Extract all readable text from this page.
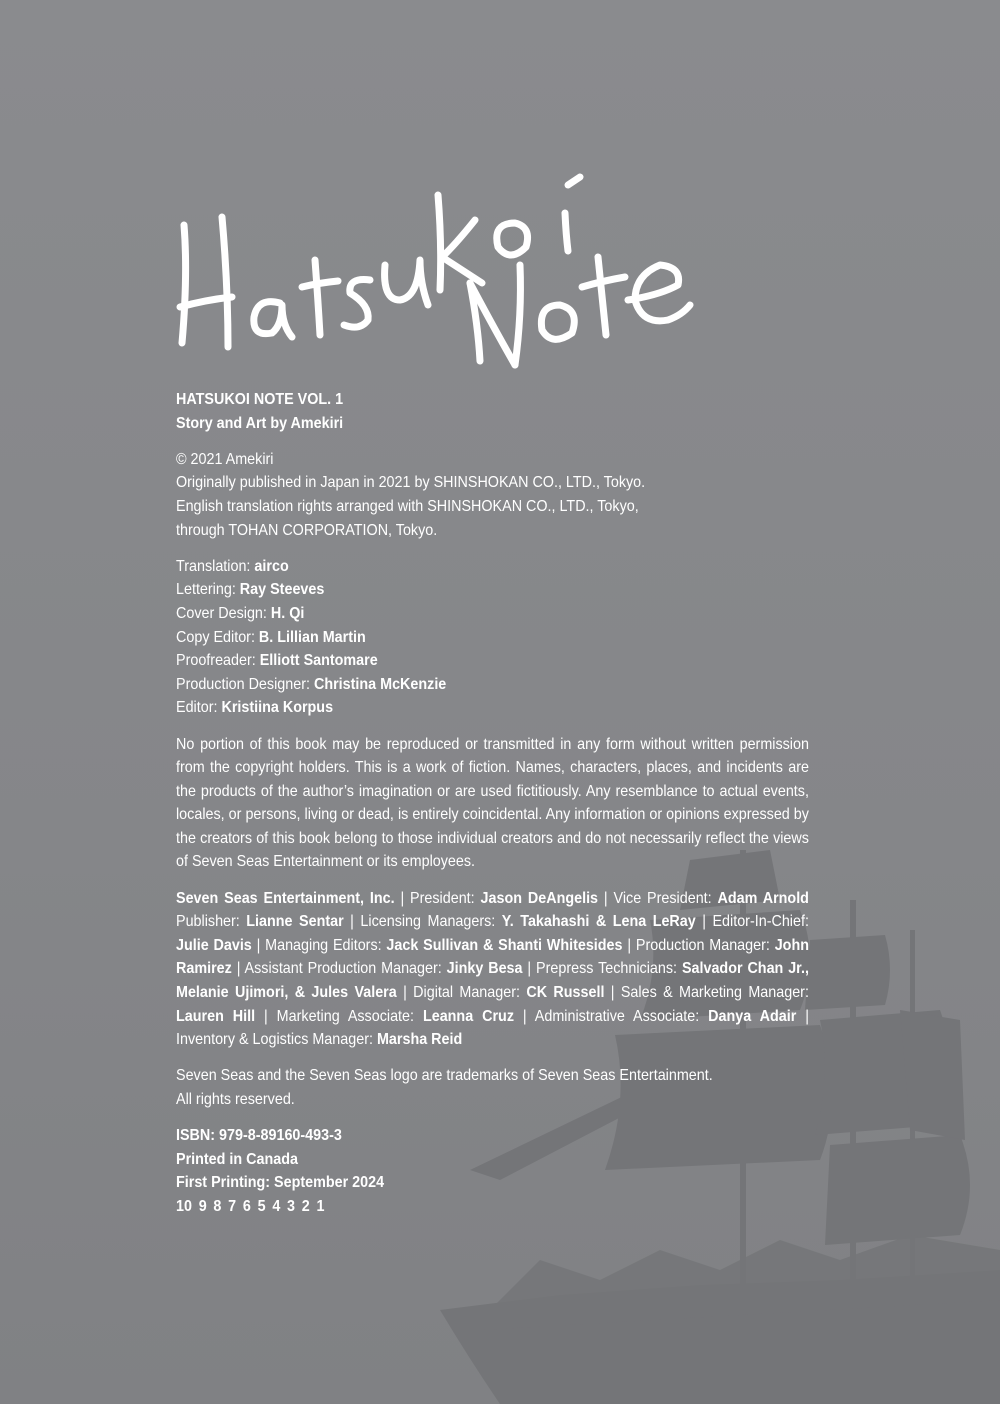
HATSUKOI NOTE VOL. 1
Story and Art by Amekiri

© 2021 Amekiri
Originally published in Japan in 2021 by SHINSHOKAN CO., LTD., Tokyo.
English translation rights arranged with SHINSHOKAN CO., LTD., Tokyo,
through TOHAN CORPORATION, Tokyo.

Translation: airco
Lettering: Ray Steeves
Cover Design: H. Qi
Copy Editor: B. Lillian Martin
Proofreader: Elliott Santomare
Production Designer: Christina McKenzie
Editor: Kristiina Korpus

No portion of this book may be reproduced or transmitted in any form without written permission from the copyright holders. This is a work of fiction. Names, characters, places, and incidents are the products of the author’s imagination or are used fictitiously. Any resemblance to actual events, locales, or persons, living or dead, is entirely coincidental. Any information or opinions expressed by the creators of this book belong to those individual creators and do not necessarily reflect the views of Seven Seas Entertainment or its employees.

Seven Seas Entertainment, Inc. | President: Jason DeAngelis | Vice President: Adam Arnold Publisher: Lianne Sentar | Licensing Managers: Y. Takahashi & Lena LeRay | Editor-In-Chief: Julie Davis | Managing Editors: Jack Sullivan & Shanti Whitesides | Production Manager: John Ramirez | Assistant Production Manager: Jinky Besa | Prepress Technicians: Salvador Chan Jr., Melanie Ujimori, & Jules Valera | Digital Manager: CK Russell | Sales & Marketing Manager: Lauren Hill | Marketing Associate: Leanna Cruz | Administrative Associate: Danya Adair | Inventory & Logistics Manager: Marsha Reid

Seven Seas and the Seven Seas logo are trademarks of Seven Seas Entertainment.
All rights reserved.

ISBN: 979-8-89160-493-3
Printed in Canada
First Printing: September 2024
10 9 8 7 6 5 4 3 2 1
